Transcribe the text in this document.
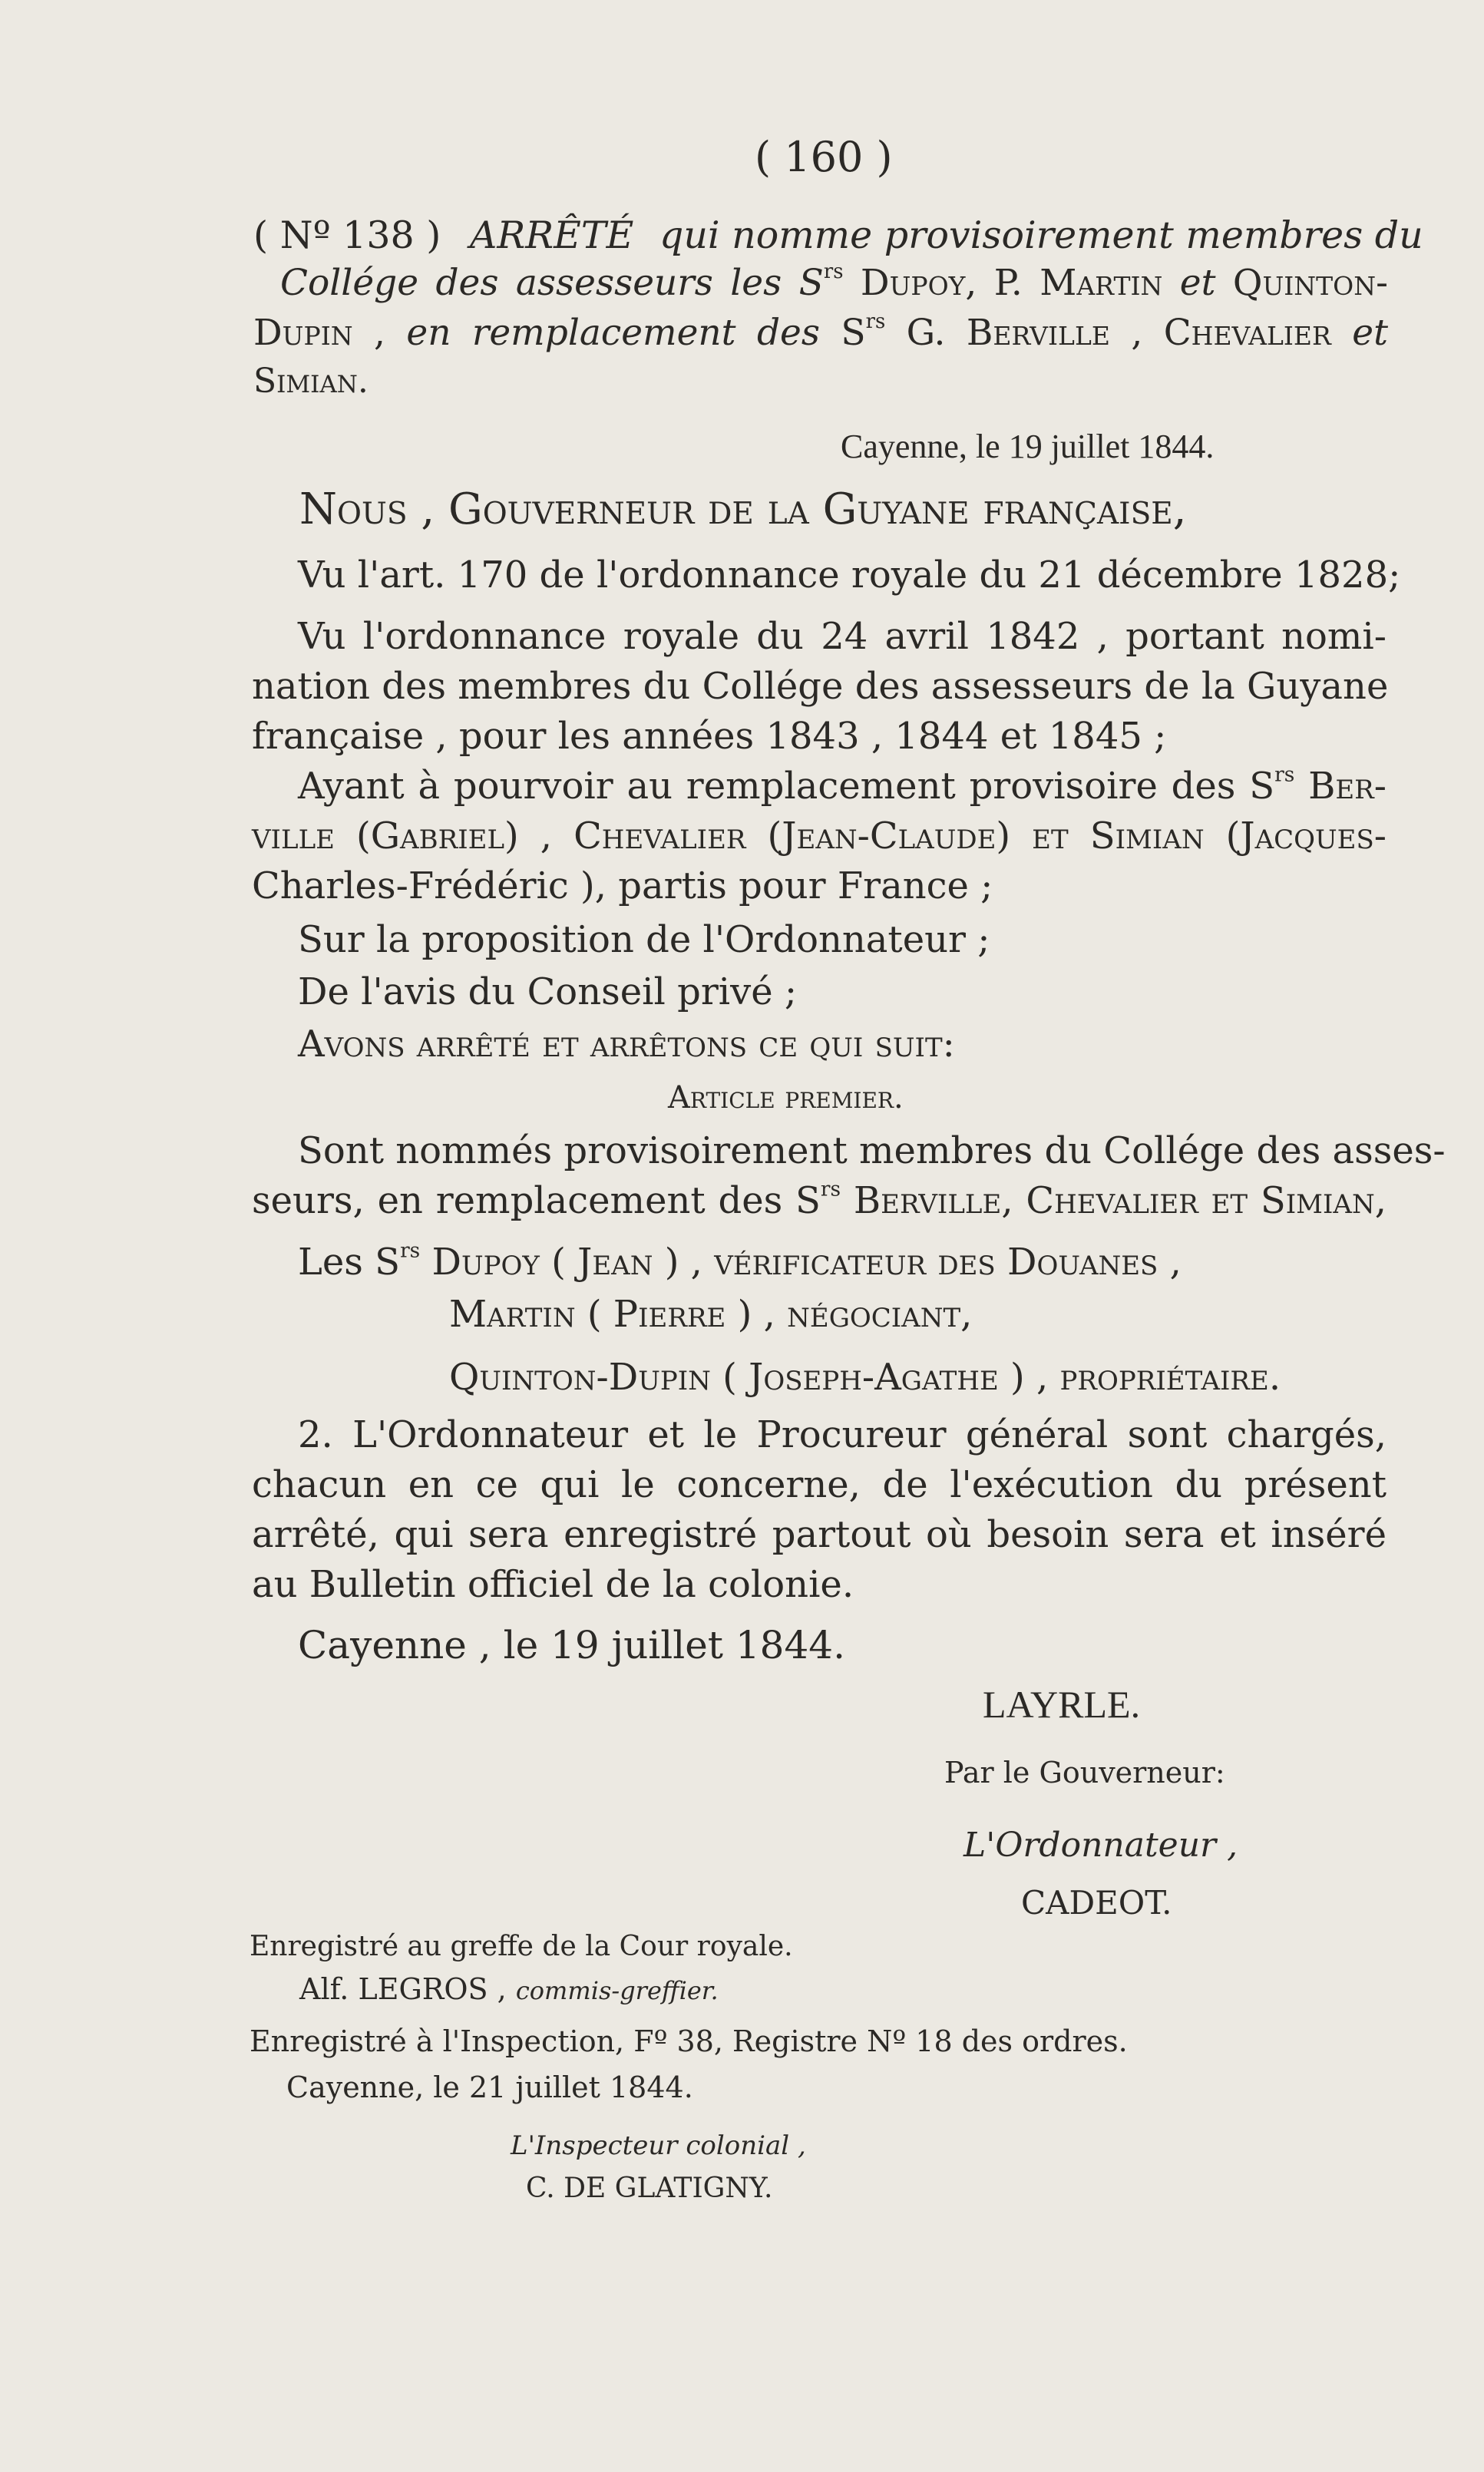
( 160 )
( Nº 138 ) ARRÊTÉ qui nomme provisoirement membres du
Collége des assesseurs les $S^{rs}$ Dupoy, P. Martin et Quinton-
Dupin , en remplacement des $S^{rs}$ G. Berville , Chevalier et
Simian.
Cayenne, le 19 juillet 1844.
Nous , Gouverneur de la Guyane française,
Vu l'art. 170 de l'ordonnance royale du 21 décembre 1828;
Vu l'ordonnance royale du 24 avril 1842 , portant nomi-
nation des membres du Collége des assesseurs de la Guyane
française , pour les années 1843 , 1844 et 1845 ;
Ayant à pourvoir au remplacement provisoire des $S^{rs}$ Ber-
ville (Gabriel) , Chevalier (Jean-Claude) et Simian (Jacques-
Charles-Frédéric ), partis pour France ;
Sur la proposition de l'Ordonnateur ;
De l'avis du Conseil privé ;
Avons arrêté et arrêtons ce qui suit:
Article premier.
Sont nommés provisoirement membres du Collége des asses-
seurs, en remplacement des $S^{rs}$ Berville, Chevalier et Simian,
Les $S^{rs}$ Dupoy ( Jean ) , vérificateur des Douanes ,
Martin ( Pierre ) , négociant,
Quinton-Dupin ( Joseph-Agathe ) , propriétaire.
2. L'Ordonnateur et le Procureur général sont chargés,
chacun en ce qui le concerne, de l'exécution du présent
arrêté, qui sera enregistré partout où besoin sera et inséré
au Bulletin officiel de la colonie.
Cayenne , le 19 juillet 1844.
LAYRLE.
Par le Gouverneur:
L'Ordonnateur ,
CADEOT.
Enregistré au greffe de la Cour royale.
Alf. LEGROS , commis-greffier.
Enregistré à l'Inspection, Fº 38, Registre Nº 18 des ordres.
Cayenne, le 21 juillet 1844.
L'Inspecteur colonial ,
C. DE GLATIGNY.
